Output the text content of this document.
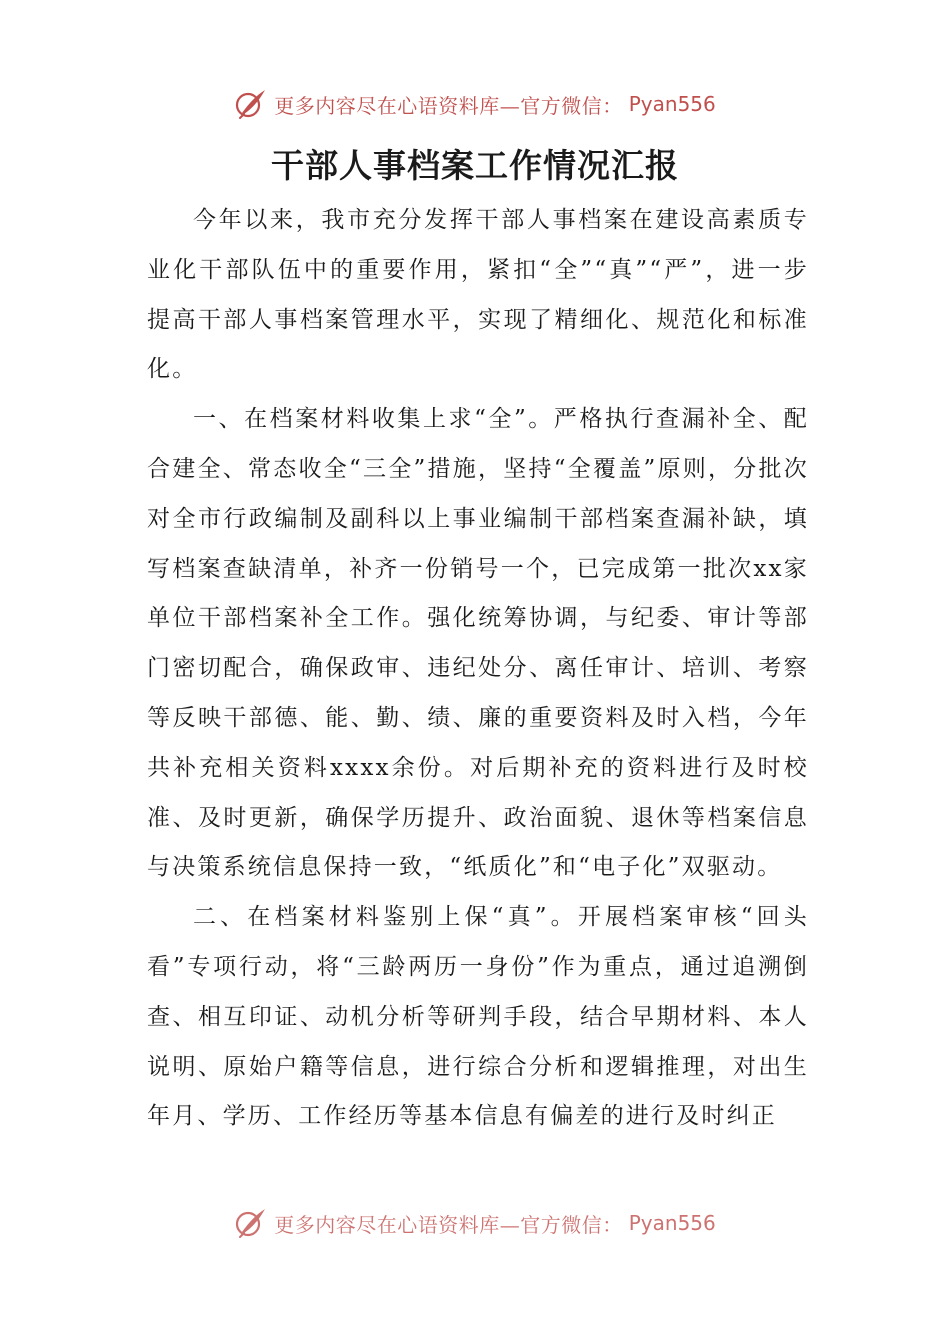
更多内容尽在心语资料库—官方微信： Pyan556
干部人事档案工作情况汇报

今年以来，我市充分发挥干部人事档案在建设高素质专业化干部队伍中的重要作用，紧扣“全”“真”“严”，进一步提高干部人事档案管理水平，实现了精细化、规范化和标准化。

一、在档案材料收集上求“全”。严格执行查漏补全、配合建全、常态收全“三全”措施，坚持“全覆盖”原则，分批次对全市行政编制及副科以上事业编制干部档案查漏补缺，填写档案查缺清单，补齐一份销号一个，已完成第一批次xx家单位干部档案补全工作。强化统筹协调，与纪委、审计等部门密切配合，确保政审、违纪处分、离任审计、培训、考察等反映干部德、能、勤、绩、廉的重要资料及时入档，今年共补充相关资料xxxx余份。对后期补充的资料进行及时校准、及时更新，确保学历提升、政治面貌、退休等档案信息与决策系统信息保持一致，“纸质化”和“电子化”双驱动。

二、在档案材料鉴别上保“真”。开展档案审核“回头看”专项行动，将“三龄两历一身份”作为重点，通过追溯倒查、相互印证、动机分析等研判手段，结合早期材料、本人说明、原始户籍等信息，进行综合分析和逻辑推理，对出生年月、学历、工作经历等基本信息有偏差的进行及时纠正

更多内容尽在心语资料库—官方微信： Pyan556
